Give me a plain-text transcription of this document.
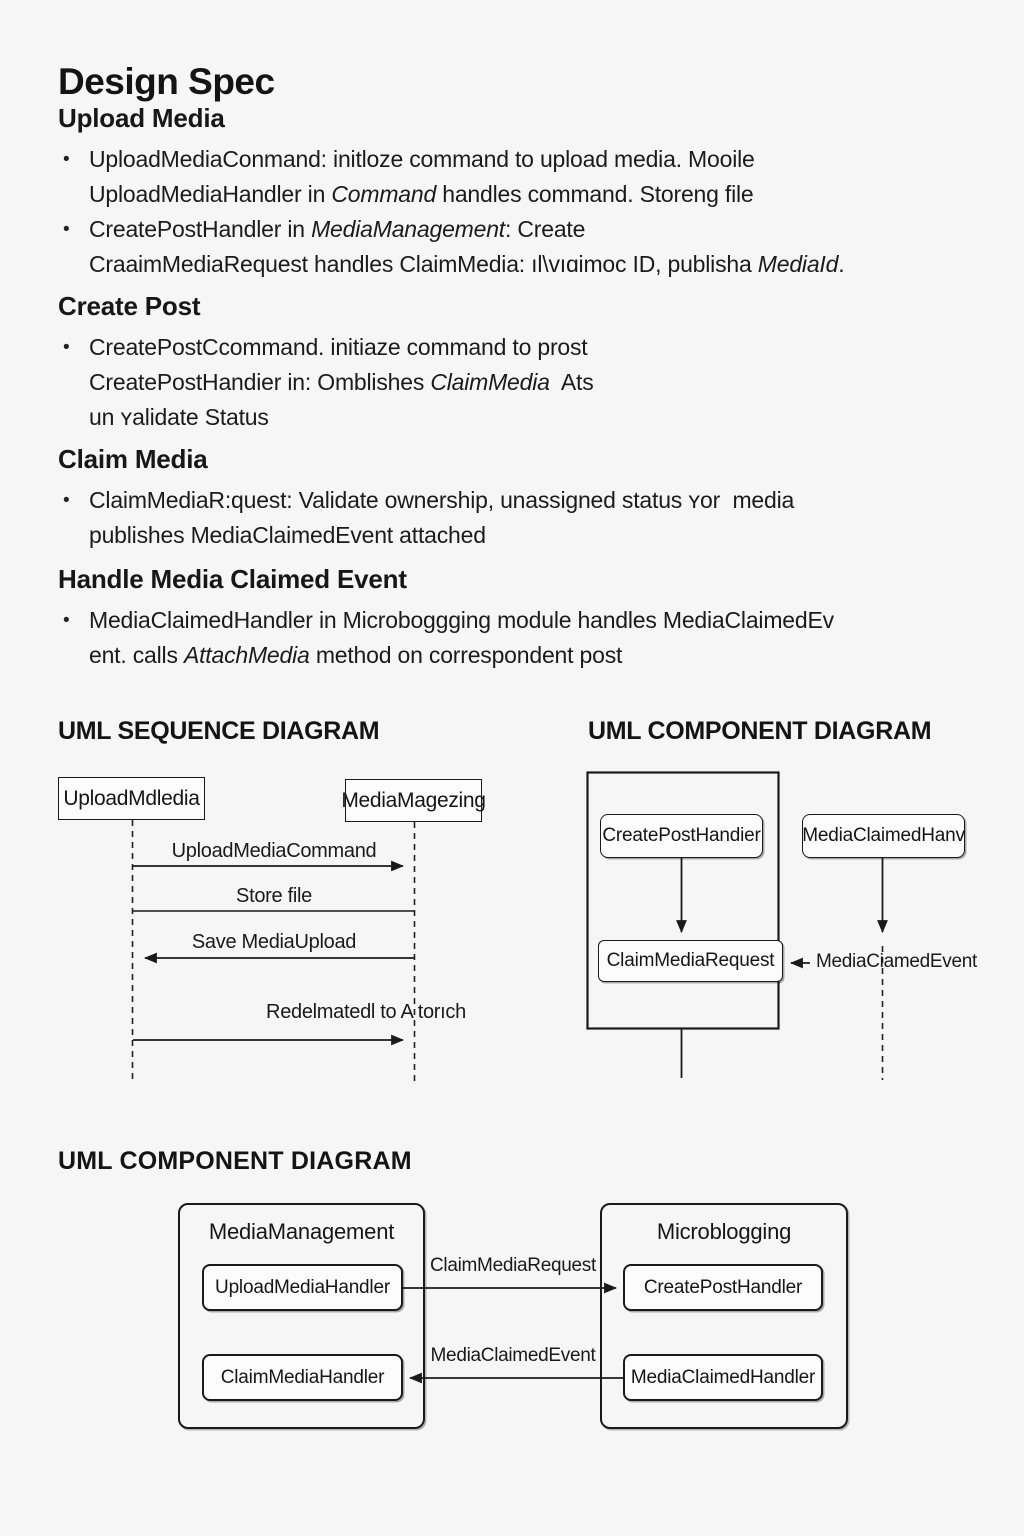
Design Spec
Upload Media
• UploadMediaConmand: initloze command to upload media. Mooile
UploadMediaHandler in Command handles command. Storeng file
• CreatePostHandler in MediaManagement: Create
CraaimMediaRequest handles ClaimMedia: ıl\vıɑimoc ID, publisha MediaId.
Create Post
• CreatePostCcommand. initiaze command to prost
CreatePostHandier in: Omblishes ClaimMedia  Ats
un ʏalidate Status
Claim Media
• ClaimMediaR:quest: Validate ownership, unassigned status ʏor  media
publishes MediaClaimedEvent attached
Handle Media Claimed Event
• MediaClaimedHandler in Microboggging module handles MediaClaimedEv
ent. calls AttachMedia method on correspondent post
UML SEQUENCE DIAGRAM	UML COMPONENT DIAGRAM
UploadMdledia	MediaMagezing
UploadMediaCommand
Store file
Save MediaUpload
Redelmatedl to A torıch
CreatePostHandier
ClaimMediaRequest
MediaClaimedHanv
MediaCiamedEvent
UML COMPONENT DIAGRAM
MediaManagement
UploadMediaHandler
ClaimMediaHandler
Microblogging
CreatePostHandler
MediaClaimedHandler
ClaimMediaRequest
MediaClaimedEvent
